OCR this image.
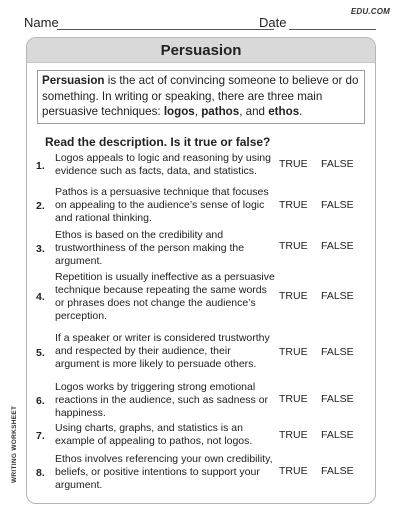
EDU.COM
Name	Date
Persuasion
Persuasion is the act of convincing someone to believe or do something. In writing or speaking, there are three main persuasive techniques: logos, pathos, and ethos.
Read the description. Is it true or false?
1.
Logos appeals to logic and reasoning by using evidence such as facts, data, and statistics.
TRUE FALSE
2.
Pathos is a persuasive technique that focuses on appealing to the audience’s sense of logic and rational thinking.
TRUE FALSE
3.
Ethos is based on the credibility and trustworthiness of the person making the argument.
TRUE FALSE
4.
Repetition is usually ineffective as a persuasive technique because repeating the same words or phrases does not change the audience’s perception.
TRUE FALSE
5.
If a speaker or writer is considered trustworthy and respected by their audience, their argument is more likely to persuade others.
TRUE FALSE
6.
Logos works by triggering strong emotional reactions in the audience, such as sadness or happiness.
TRUE FALSE
7.
Using charts, graphs, and statistics is an example of appealing to pathos, not logos.	TRUE FALSE
8.
Ethos involves referencing your own credibility, beliefs, or positive intentions to support your argument.
TRUE FALSE
WRITING WORKSHEET
